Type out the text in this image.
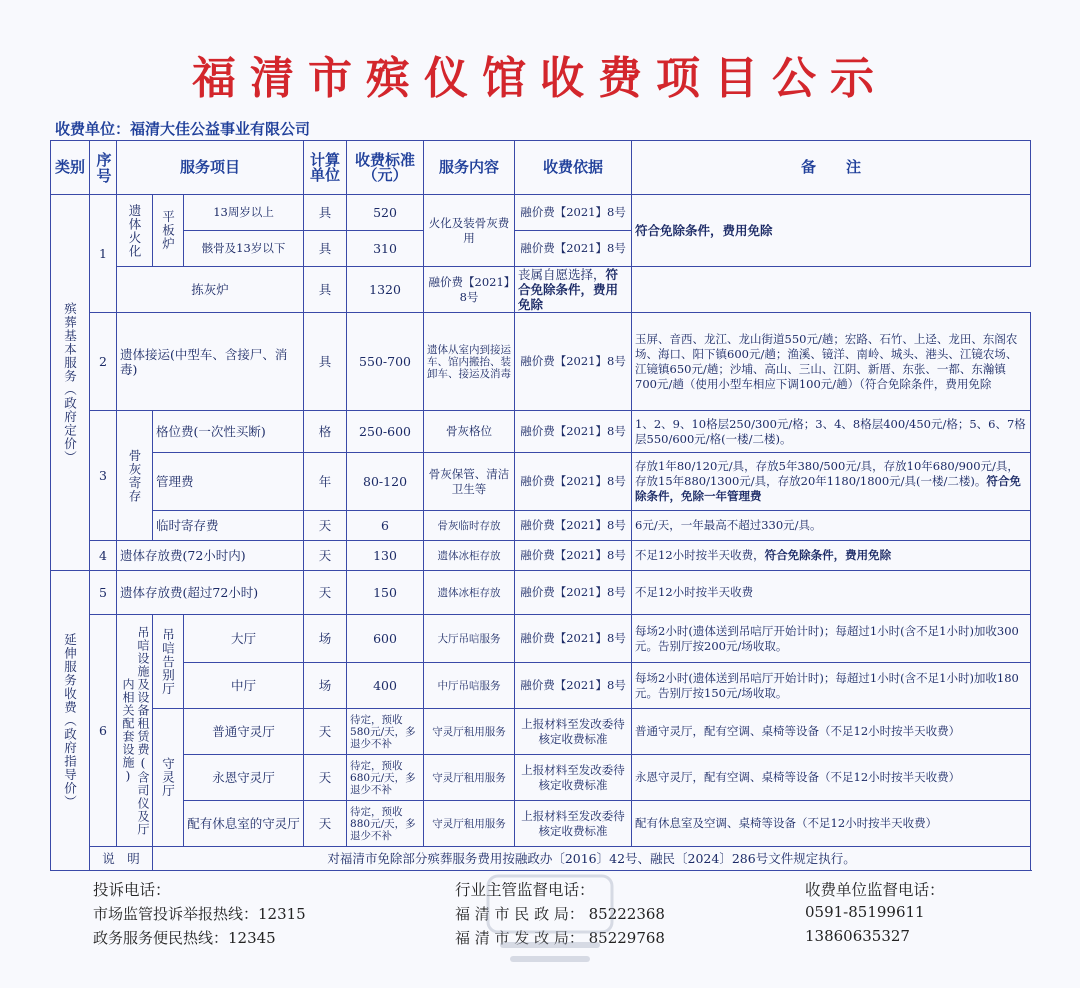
福清市殡仪馆收费项目公示
收费单位：福清大佳公益事业有限公司
类别	序号	服务项目			计算单位	收费标准（元）	服务内容	收费依据	备　　注

殡葬基本服务（政府定价）	1	遗体火化	平板炉	13周岁以上	具	520	火化及装骨灰费用	融价费【2021】8号	符合免除条件，费用免除
				骸骨及13岁以下	具	310		融价费【2021】8号	
		拣灰炉			具	1320	融价费【2021】8号	丧属自愿选择，符合免除条件，费用免除	
	2	遗体接运(中型车、含接尸、消毒)			具	550-700	遗体从室内到接运车、馆内搬抬、装卸车、接运及消毒	融价费【2021】8号	玉屏、音西、龙江、龙山街道550元/趟；宏路、石竹、上迳、龙田、东阁农场、海口、阳下镇600元/趟；渔溪、镜洋、南岭、城头、港头、江镜农场、江镜镇650元/趟；沙埔、高山、三山、江阴、新厝、东张、一都、东瀚镇700元/趟（使用小型车相应下调100元/趟）（符合免除条件，费用免除
	3	骨灰寄存	格位费(一次性买断)		格	250-600	骨灰格位	融价费【2021】8号	1、2、9、10格层250/300元/格；3、4、8格层400/450元/格；5、6、7格层550/600元/格(一楼/二楼)。
			管理费		年	80-120	骨灰保管、清洁卫生等	融价费【2021】8号	存放1年80/120元/具，存放5年380/500元/具，存放10年680/900元/具，存放15年880/1300元/具，存放20年1180/1800元/具(一楼/二楼)。符合免除条件，免除一年管理费
			临时寄存费		天	6	骨灰临时存放	融价费【2021】8号	6元/天，一年最高不超过330元/具。
	4	遗体存放费(72小时内)			天	130	遗体冰柜存放	融价费【2021】8号	不足12小时按半天收费，符合免除条件，费用免除

延伸服务收费（政府指导价）	5	遗体存放费(超过72小时)			天	150	遗体冰柜存放	融价费【2021】8号	不足12小时按半天收费
	6	吊唁设施及设备租赁费(含司仪及厅内相关配套设施)	吊唁告别厅	大厅	场	600	大厅吊唁服务	融价费【2021】8号	每场2小时(遗体送到吊唁厅开始计时)；每超过1小时(含不足1小时)加收300元。告别厅按200元/场收取。
				中厅	场	400	中厅吊唁服务	融价费【2021】8号	每场2小时(遗体送到吊唁厅开始计时)；每超过1小时(含不足1小时)加收180元。告别厅按150元/场收取。

			守灵厅	普通守灵厅	天	待定，预收580元/天，多退少不补	守灵厅租用服务	上报材料至发改委待核定收费标准	普通守灵厅，配有空调、桌椅等设备（不足12小时按半天收费）
				永恩守灵厅	天	待定，预收680元/天，多退少不补	守灵厅租用服务	上报材料至发改委待核定收费标准	永恩守灵厅，配有空调、桌椅等设备（不足12小时按半天收费）
				配有休息室的守灵厅	天	待定，预收880元/天，多退少不补	守灵厅租用服务	上报材料至发改委待核定收费标准	配有休息室及空调、桌椅等设备（不足12小时按半天收费）
	说　明		对福清市免除部分殡葬服务费用按融政办〔2016〕42号、融民〔2024〕286号文件规定执行。						
投诉电话：
市场监管投诉举报热线：12315
政务服务便民热线：12345
行业主管监督电话：
福 清 市 民 政 局： 85222368
福 清 市 发 改 局： 85229768
收费单位监督电话：
0591-85199611
13860635327
